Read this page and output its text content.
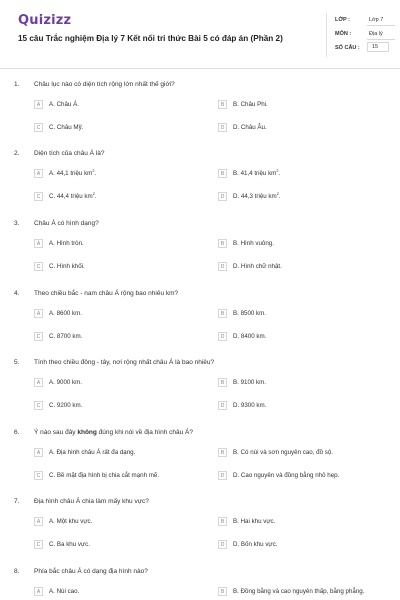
Quizizz
15 câu Trắc nghiệm Địa lý 7 Kết nối tri thức Bài 5 có đáp án (Phần 2)
LỚP :	Lớp 7
MÔN :	Địa lý
SỐ CÂU :	15
1. Châu lục nào có diện tích rộng lớn nhất thế giới?
A	A. Châu Á.	B	B. Châu Phi.
C	C. Châu Mỹ.	D	D. Châu Âu.
2. Diện tích của châu Á là?
A	A. 44,1 triệu $km^2$.	B	B. 41,4 triệu $km^2$.
C	C. 44,4 triệu $km^2$.	D	D. 44,3 triệu $km^2$.
3. Châu Á có hình dạng?
A	A. Hình tròn.	B	B. Hình vuông.
C	C. Hình khối.	D	D. Hình chữ nhật.
4. Theo chiều bắc - nam châu Á rộng bao nhiêu km?
A	A. 8600 km.	B	B. 8500 km.
C	C. 8700 km.	D	D. 8400 km.
5. Tính theo chiều đông - tây, nơi rộng nhất châu Á là bao nhiêu?
A	A. 9000 km.	B	B. 9100 km.
C	C. 9200 km.	D	D. 9300 km.
6. Ý nào sau đây không đúng khi nói về địa hình châu Á?
A	A. Địa hình châu Á rất đa dạng.	B	B. Có núi và sơn nguyên cao, đồ sộ.
C	C. Bề mặt địa hình bị chia cắt mạnh mẽ.	D	D. Cao nguyên và đồng bằng nhỏ hẹp.
7. Địa hình châu Á chia làm mấy khu vực?
A	A. Một khu vực.	B	B. Hai khu vực.
C	C. Ba khu vực.	D	D. Bốn khu vực.
8. Phía bắc châu Á có dạng địa hình nào?
A	A. Núi cao.	B	B. Đồng bằng và cao nguyên thấp, bằng phẳng.
